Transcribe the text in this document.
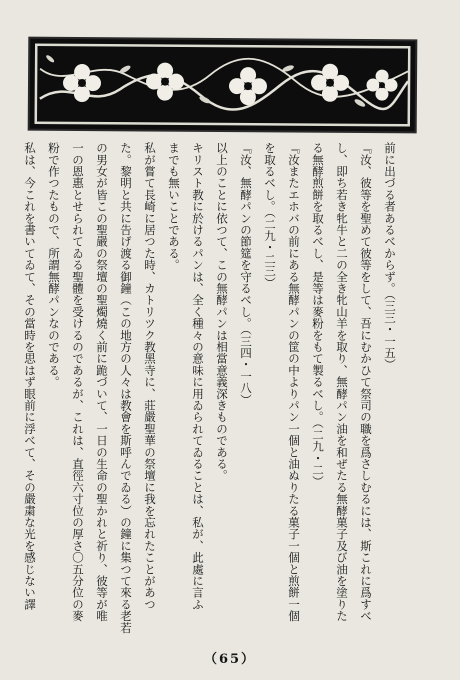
前に出づる者あるべからず。（三三・一五）
『汝、彼等を聖めて彼等をして、吾にむかひて祭司の職を爲さしむるには、斯これに爲すべ
し、即ち若き牝牛と二の全き牝山羊を取り、無酵パン油を和ぜたる無酵菓子及び油を塗りた
る無酵煎餅を取るべし、是等は麥粉をもて製るべし。（二九・二）
『汝またエホバの前にある無酵パンの筐の中よりパン一個と油ぬりたる菓子一個と煎餅一個
を取るべし。（二九・二三）
『汝、無酵パンの節筵を守るべし。（三四・一八）
以上のことに依つて、この無酵パンは相當意義深きものである。
キリスト教に於けるパンは、全く種々の意味に用ゐられてゐることは、私が、此處に言ふ
までも無いことである。
私が嘗て長崎に居つた時、カトリツク教黑寺に、莊嚴聖華の祭壇に我を忘れたことがあつ
た。黎明と共に告げ渡る御鐘（この地方の人々は教會を斯呼んでゐる）の鐘に集つて來る老若
の男女が皆この聖嚴の祭壇の聖燭燒く前に跪づいて、一日の生命の聖かれと祈り、彼等が唯
一の恩惠とせられてゐる聖體を受けるのであるが、これは、直徑六寸位の厚さ〇五分位の麥
粉で作つたもので、所謂無酵パンなのである。
私は、今これを書いてゐて、その當時を思はず眼前に浮べて、その嚴粛な光を感じない譯
（65）
